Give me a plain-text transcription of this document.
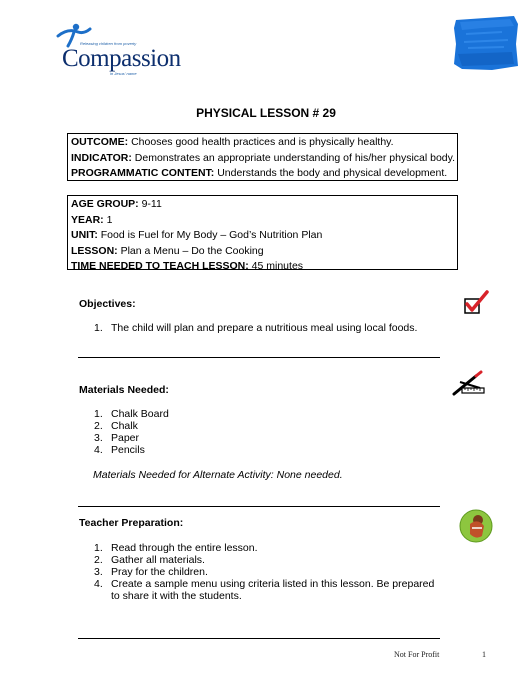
Releasing children from poverty
Compassion
in Jesus' name
PHYSICAL LESSON # 29
OUTCOME: Chooses good health practices and is physically healthy.
INDICATOR: Demonstrates an appropriate understanding of his/her physical body.
PROGRAMMATIC CONTENT: Understands the body and physical development.
AGE GROUP: 9-11
YEAR: 1
UNIT: Food is Fuel for My Body – God’s Nutrition Plan
LESSON: Plan a Menu – Do the Cooking
TIME NEEDED TO TEACH LESSON: 45 minutes
Objectives:
1. The child will plan and prepare a nutritious meal using local foods.
Materials Needed:
1. Chalk Board
2. Chalk
3. Paper
4. Pencils
Materials Needed for Alternate Activity: None needed.
Teacher Preparation:
1. Read through the entire lesson.
2. Gather all materials.
3. Pray for the children.
4. Create a sample menu using criteria listed in this lesson. Be prepared to share it with the students.
Not For Profit	1
